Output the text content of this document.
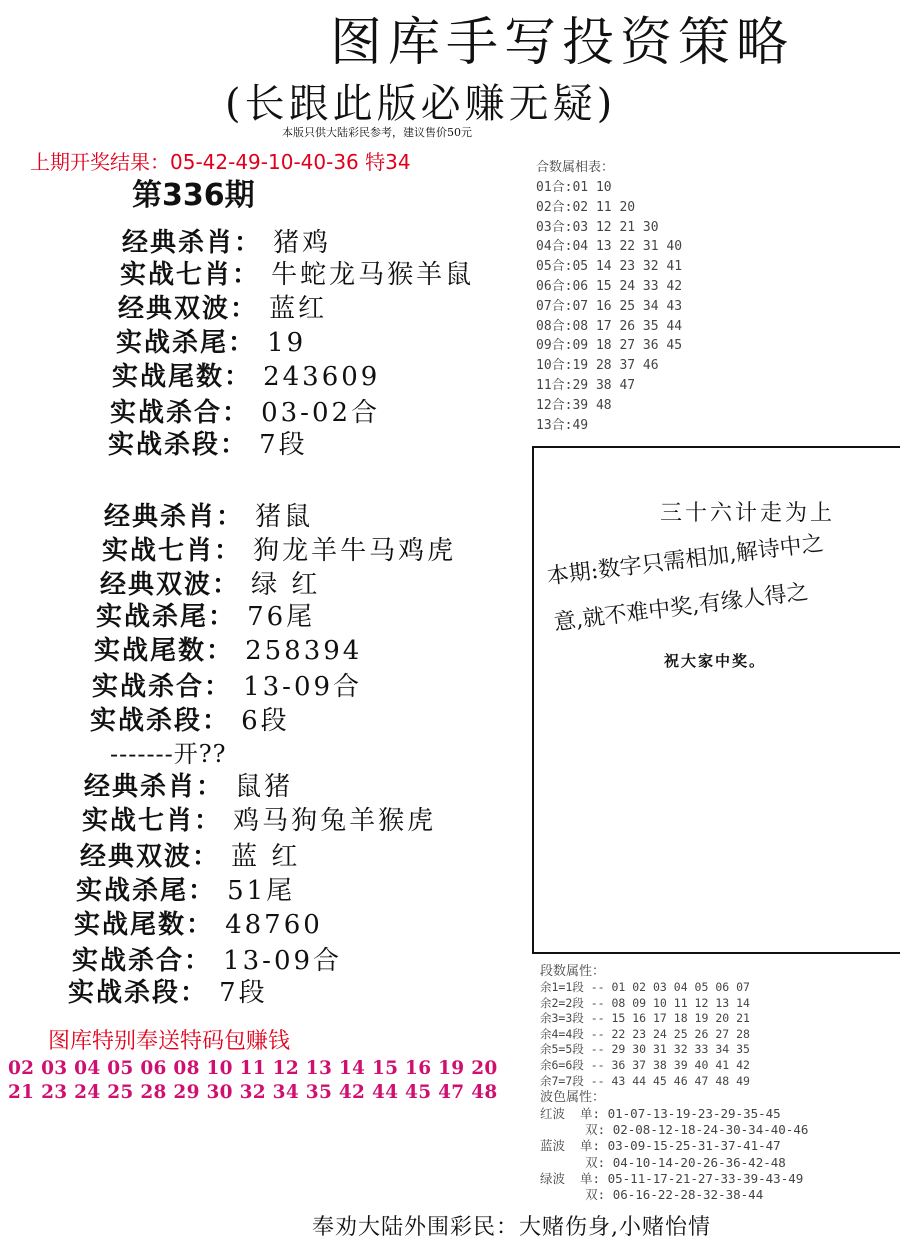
图库手写投资策略
(长跟此版必赚无疑)
本版只供大陆彩民参考，建议售价50元
上期开奖结果：05-42-49-10-40-36 特34
第336期
经典杀肖： 猪鸡
实战七肖： 牛蛇龙马猴羊鼠
经典双波： 蓝红
实战杀尾： 19
实战尾数： 243609
实战杀合： 03-02合
实战杀段： 7段
经典杀肖： 猪鼠
实战七肖： 狗龙羊牛马鸡虎
经典双波： 绿 红
实战杀尾： 76尾
实战尾数： 258394
实战杀合： 13-09合
实战杀段： 6段
-------开??
经典杀肖： 鼠猪
实战七肖： 鸡马狗兔羊猴虎
经典双波： 蓝 红
实战杀尾： 51尾
实战尾数： 48760
实战杀合： 13-09合
实战杀段： 7段
合数属相表：
01合:01 10
02合:02 11 20
03合:03 12 21 30
04合:04 13 22 31 40
05合:05 14 23 32 41
06合:06 15 24 33 42
07合:07 16 25 34 43
08合:08 17 26 35 44
09合:09 18 27 36 45
10合:19 28 37 46
11合:29 38 47
12合:39 48
13合:49
三十六计走为上
本期:数字只需相加,解诗中之
意,就不难中奖,有缘人得之
祝大家中奖。
图库特别奉送特码包赚钱
02 03 04 05 06 08 10 11 12 13 14 15 16 19 20
21 23 24 25 28 29 30 32 34 35 42 44 45 47 48
段数属性：
余1=1段 -- 01 02 03 04 05 06 07
余2=2段 -- 08 09 10 11 12 13 14
余3=3段 -- 15 16 17 18 19 20 21
余4=4段 -- 22 23 24 25 26 27 28
余5=5段 -- 29 30 31 32 33 34 35
余6=6段 -- 36 37 38 39 40 41 42
余7=7段 -- 43 44 45 46 47 48 49
波色属性：
红波  单: 01-07-13-19-23-29-35-45
双: 02-08-12-18-24-30-34-40-46
蓝波  单: 03-09-15-25-31-37-41-47
双: 04-10-14-20-26-36-42-48
绿波  单: 05-11-17-21-27-33-39-43-49
双: 06-16-22-28-32-38-44
奉劝大陆外围彩民：大赌伤身,小赌怡情
